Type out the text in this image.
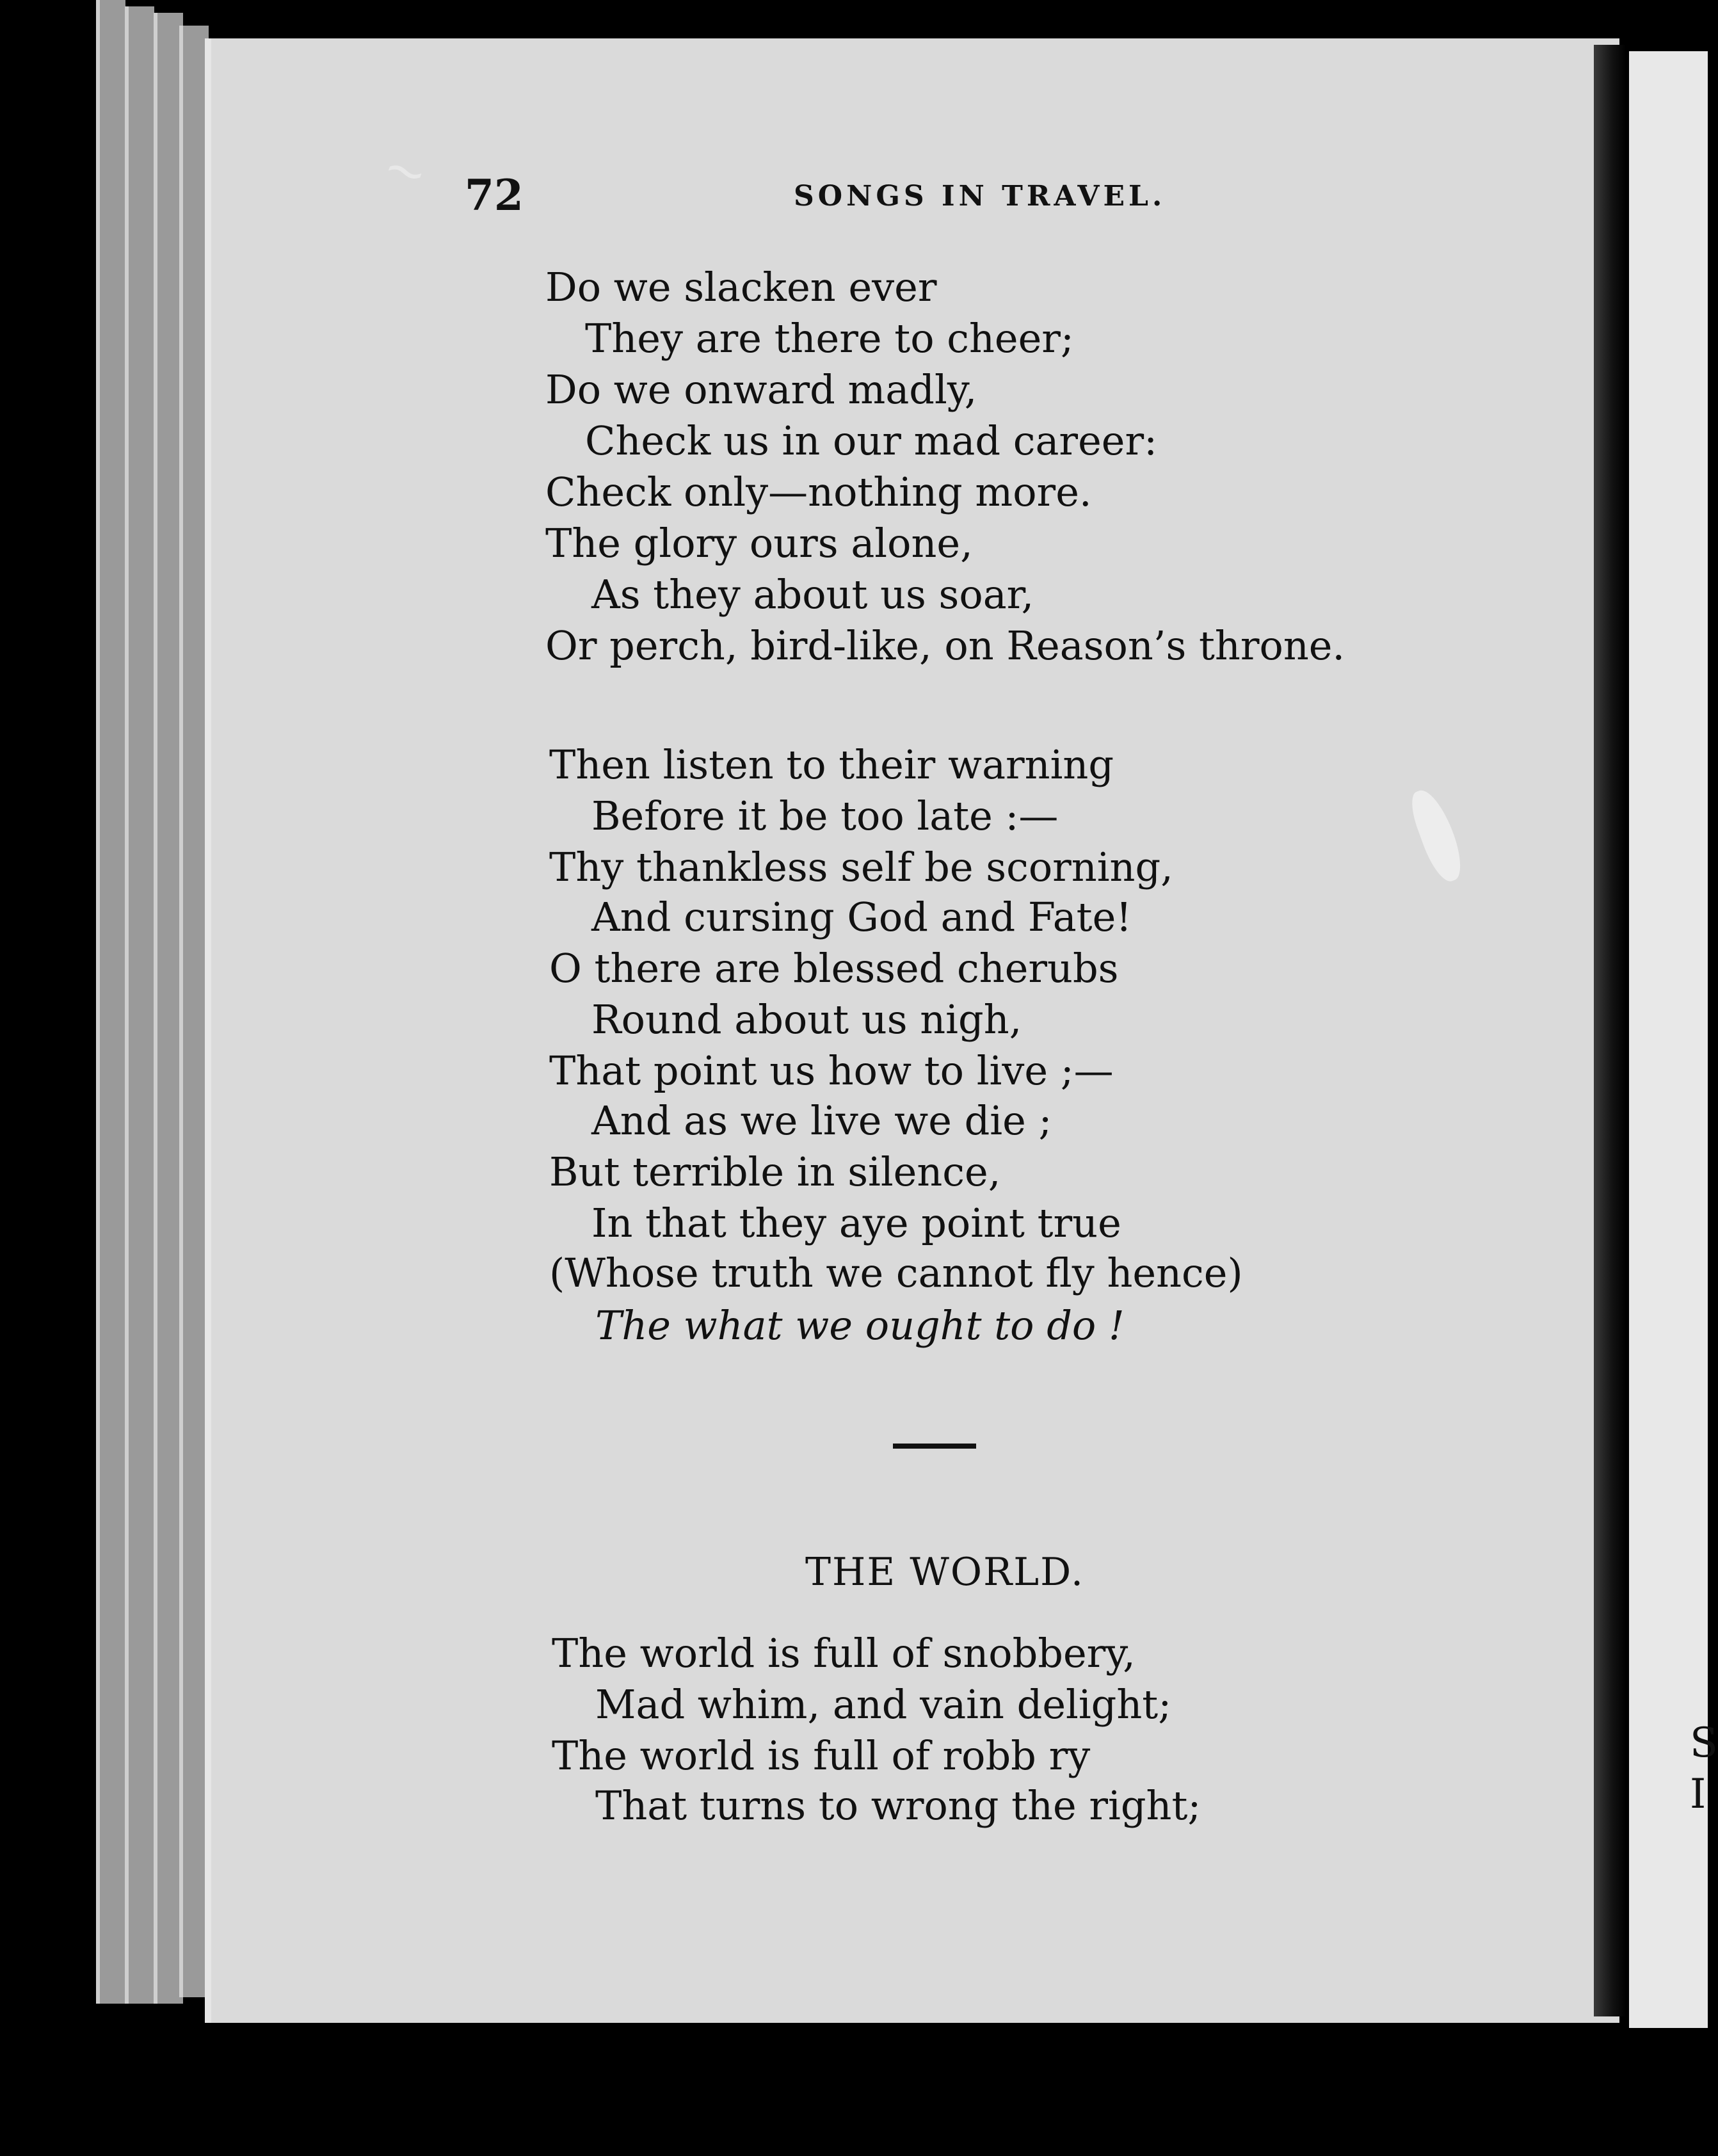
~ 72	SONGS IN TRAVEL.
Do we slacken ever
They are there to cheer;
Do we onward madly,
Check us in our mad career:
Check only—nothing more.
The glory ours alone,
As they about us soar,
Or perch, bird-like, on Reason’s throne.
Then listen to their warning
Before it be too late :—
Thy thankless self be scorning,
And cursing God and Fate!
O there are blessed cherubs
Round about us nigh,
That point us how to live ;—
And as we live we die ;
But terrible in silence,
In that they aye point true
(Whose truth we cannot fly hence)
The what we ought to do !
THE WORLD.
The world is full of snobbery,
Mad whim, and vain delight;
The world is full of robb ry
That turns to wrong the right;
S
I
